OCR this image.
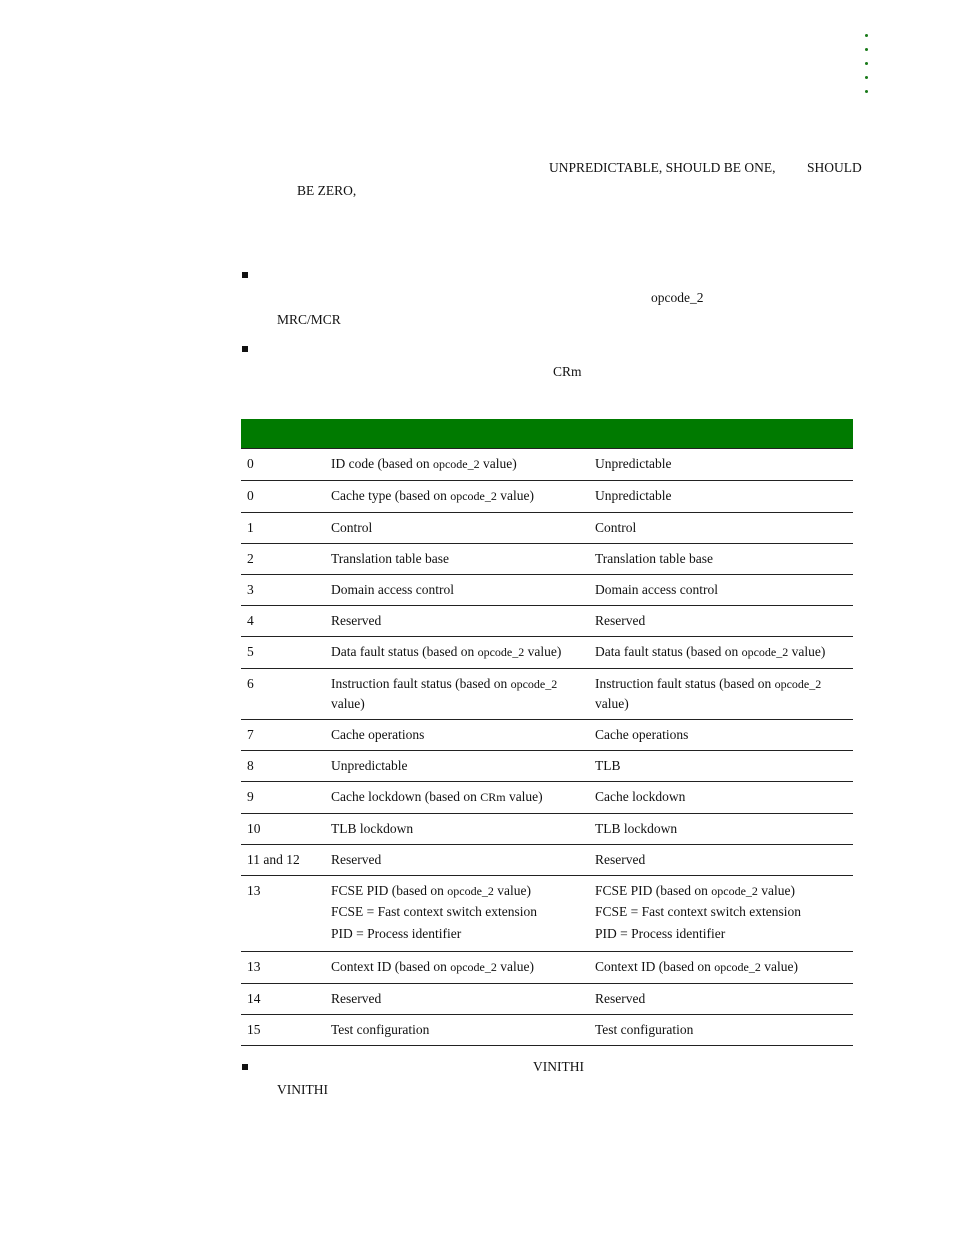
UNPREDICTABLE, SHOULD BE ONE, SHOULD
BE ZERO,
opcode_2
MRC/MCR
CRm

0	ID code (based on opcode_2 value)	Unpredictable

0	Cache type (based on opcode_2 value)	Unpredictable

1	Control	Control

2	Translation table base	Translation table base

3	Domain access control	Domain access control

4	Reserved	Reserved

5	Data fault status (based on opcode_2 value)	Data fault status (based on opcode_2 value)

6	Instruction fault status (based on opcode_2 value)	Instruction fault status (based on opcode_2 value)

7	Cache operations	Cache operations

8	Unpredictable	TLB

9	Cache lockdown (based on CRm value)	Cache lockdown

10	TLB lockdown	TLB lockdown

11 and 12	Reserved	Reserved

13	FCSE PID (based on opcode_2 value)
FCSE = Fast context switch extension
PID = Process identifier	FCSE PID (based on opcode_2 value)
FCSE = Fast context switch extension
PID = Process identifier

13	Context ID (based on opcode_2 value)	Context ID (based on opcode_2 value)

14	Reserved	Reserved

15	Test configuration	Test configuration
VINITHI
VINITHI
